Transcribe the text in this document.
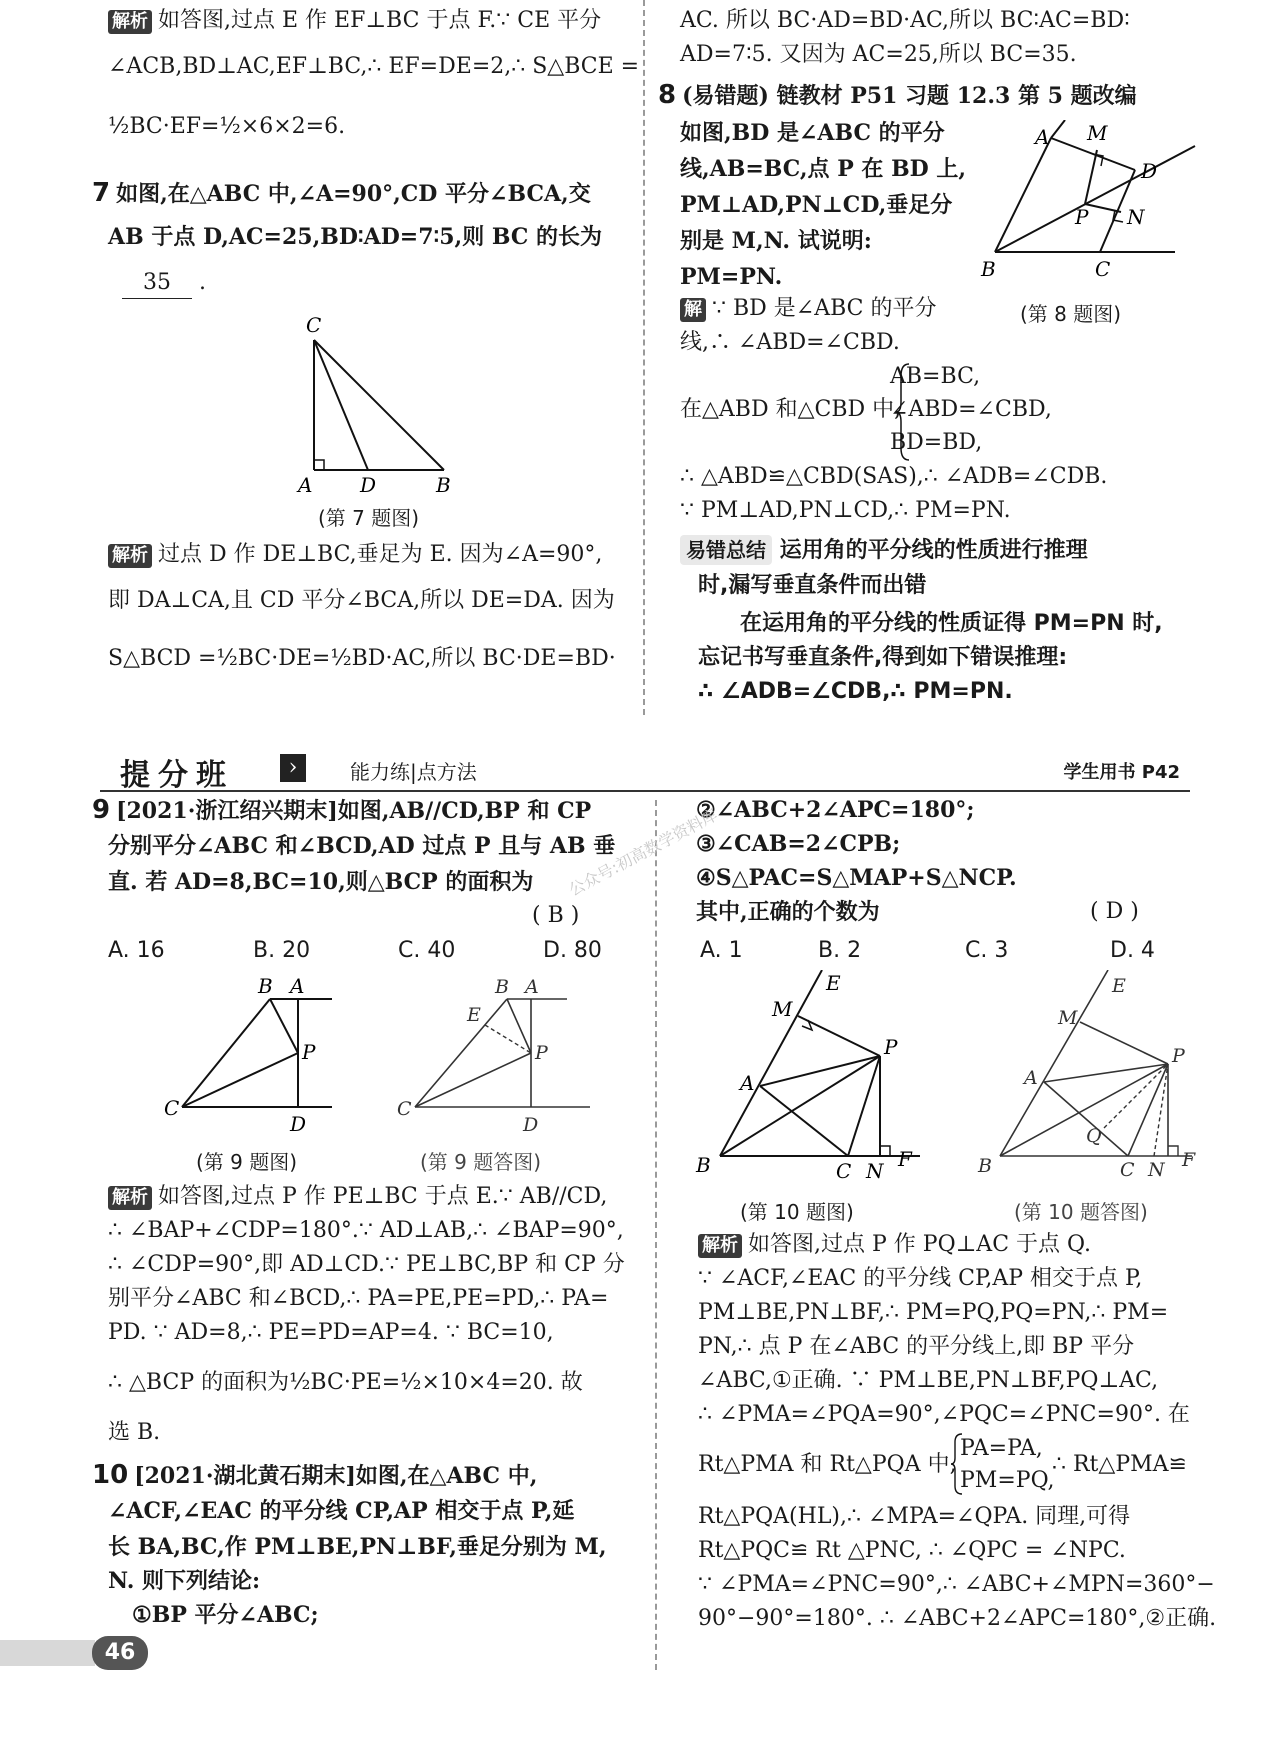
解析 如答图,过点 E 作 EF⊥BC 于点 F.∵ CE 平分
∠ACB,BD⊥AC,EF⊥BC,∴ EF=DE=2,∴ S△BCE =
½BC·EF=½×6×2=6.
7 如图,在△ABC 中,∠A=90°,CD 平分∠BCA,交
AB 于点 D,AC=25,BD∶AD=7∶5,则 BC 的长为
35 .
C
A D	B
(第 7 题图)
解析 过点 D 作 DE⊥BC,垂足为 E. 因为∠A=90°,
即 DA⊥CA,且 CD 平分∠BCA,所以 DE=DA. 因为
S△BCD =½BC·DE=½BD·AC,所以 BC·DE=BD·
AC. 所以 BC·AD=BD·AC,所以 BC∶AC=BD∶
AD=7∶5. 又因为 AC=25,所以 BC=35.
8 (易错题) 链教材 P51 习题 12.3 第 5 题改编
如图,BD 是∠ABC 的平分
线,AB=BC,点 P 在 BD 上,
PM⊥AD,PN⊥CD,垂足分
别是 M,N. 试说明:
PM=PN.
解 ∵ BD 是∠ABC 的平分
线,∴ ∠ABD=∠CBD.
AB=BC,
在△ABD 和△CBD 中,
∠ABD=∠CBD,
BD=BD,
∴ △ABD≌△CBD(SAS),∴ ∠ADB=∠CDB.
∵ PM⊥AD,PN⊥CD,∴ PM=PN.
A M
D
P N
B	C
(第 8 题图)
易错总结 运用角的平分线的性质进行推理
时,漏写垂直条件而出错
在运用角的平分线的性质证得 PM=PN 时,
忘记书写垂直条件,得到如下错误推理:
∴ ∠ADB=∠CDB,∴ PM=PN.
提分班	›	能力练|点方法	学生用书 P42
9 [2021·浙江绍兴期末]如图,AB//CD,BP 和 CP
分别平分∠ABC 和∠BCD,AD 过点 P 且与 AB 垂
直. 若 AD=8,BC=10,则△BCP 的面积为
( B )
A. 16	B. 20	C. 40	D. 80
B A
P
C
D
B A
E
P
C
D
(第 9 题图)	(第 9 题答图)
解析 如答图,过点 P 作 PE⊥BC 于点 E.∵ AB//CD,
∴ ∠BAP+∠CDP=180°.∵ AD⊥AB,∴ ∠BAP=90°,
∴ ∠CDP=90°,即 AD⊥CD.∵ PE⊥BC,BP 和 CP 分
别平分∠ABC 和∠BCD,∴ PA=PE,PE=PD,∴ PA=
PD. ∵ AD=8,∴ PE=PD=AP=4. ∵ BC=10,
∴ △BCP 的面积为½BC·PE=½×10×4=20. 故
选 B.
10 [2021·湖北黄石期末]如图,在△ABC 中,
∠ACF,∠EAC 的平分线 CP,AP 相交于点 P,延
长 BA,BC,作 PM⊥BE,PN⊥BF,垂足分别为 M,
N. 则下列结论:
①BP 平分∠ABC;
②∠ABC+2∠APC=180°;
③∠CAB=2∠CPB;
④S△PAC=S△MAP+S△NCP.
其中,正确的个数为	( D )
A. 1	B. 2	C. 3	D. 4
E
M
P
A
B	C N F
E
M
P
A
Q
B	C N F
(第 10 题图)	(第 10 题答图)
解析 如答图,过点 P 作 PQ⊥AC 于点 Q.
∵ ∠ACF,∠EAC 的平分线 CP,AP 相交于点 P,
PM⊥BE,PN⊥BF,∴ PM=PQ,PQ=PN,∴ PM=
PN,∴ 点 P 在∠ABC 的平分线上,即 BP 平分
∠ABC,①正确. ∵ PM⊥BE,PN⊥BF,PQ⊥AC,
∴ ∠PMA=∠PQA=90°,∠PQC=∠PNC=90°. 在
Rt△PMA 和 Rt△PQA 中,
PA=PA,
PM=PQ,
∴ Rt△PMA≌
Rt△PQA(HL),∴ ∠MPA=∠QPA. 同理,可得
Rt△PQC≌ Rt △PNC, ∴ ∠QPC = ∠NPC.
∵ ∠PMA=∠PNC=90°,∴ ∠ABC+∠MPN=360°−
90°−90°=180°. ∴ ∠ABC+2∠APC=180°,②正确.
公众号:初高数学资料库
46
